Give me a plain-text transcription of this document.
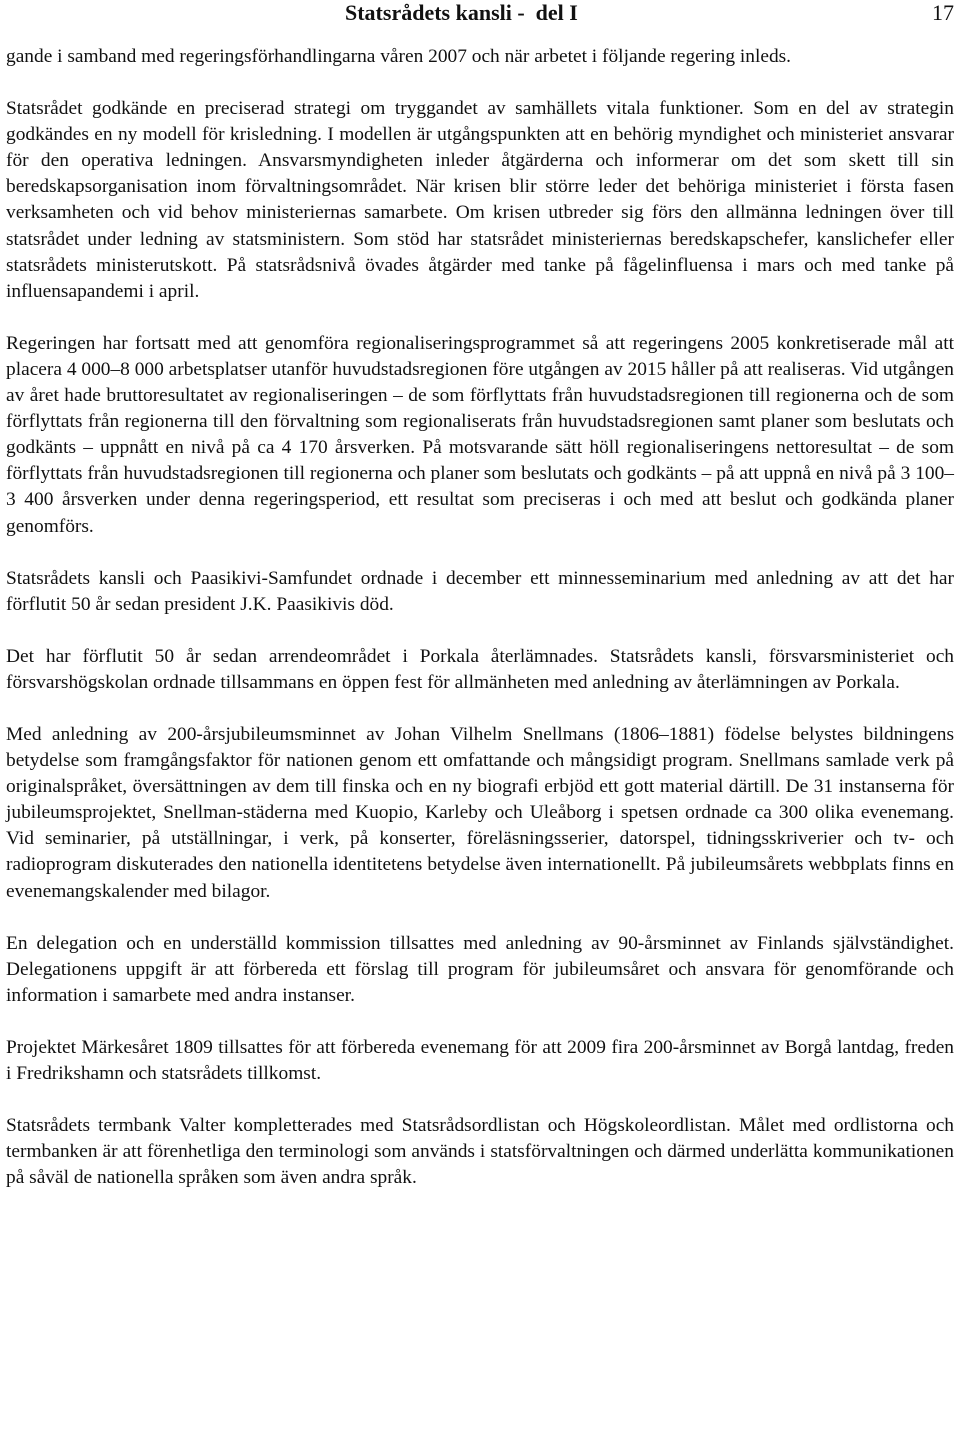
Statsrådets kansli -  del I	17

gande i samband med regeringsförhandlingarna våren 2007 och när arbetet i följande regering inleds.

Statsrådet godkände en preciserad strategi om tryggandet av samhällets vitala funktioner. Som en del av strategin godkändes en ny modell för krisledning. I modellen är utgångspunkten att en behörig myndighet och ministeriet ansvarar för den operativa ledningen. Ansvarsmyndigheten inleder åtgärderna och informerar om det som skett till sin beredskapsorganisation inom förvaltningsområdet. När krisen blir större leder det behöriga ministeriet i första fasen verksamheten och vid behov ministeriernas samarbete. Om krisen utbreder sig förs den allmänna ledningen över till statsrådet under ledning av statsministern. Som stöd har statsrådet ministeriernas beredskapschefer, kanslichefer eller statsrådets ministerutskott. På statsrådsnivå övades åtgärder med tanke på fågelinfluensa i mars och med tanke på influensapandemi i april.

Regeringen har fortsatt med att genomföra regionaliseringsprogrammet så att regeringens 2005 konkretiserade mål att placera 4 000–8 000 arbetsplatser utanför huvudstadsregionen före utgången av 2015 håller på att realiseras. Vid utgången av året hade bruttoresultatet av regionaliseringen – de som förflyttats från huvudstadsregionen till regionerna och de som förflyttats från regionerna till den förvaltning som regionaliserats från huvudstadsregionen samt planer som beslutats och godkänts – uppnått en nivå på ca 4 170 årsverken. På motsvarande sätt höll regionaliseringens nettoresultat – de som förflyttats från huvudstadsregionen till regionerna och planer som beslutats och godkänts – på att uppnå en nivå på 3 100–3 400 årsverken under denna regeringsperiod, ett resultat som preciseras i och med att beslut och godkända planer genomförs.

Statsrådets kansli och Paasikivi-Samfundet ordnade i december ett minnesseminarium med anledning av att det har förflutit 50 år sedan president J.K. Paasikivis död.

Det har förflutit 50 år sedan arrendeområdet i Porkala återlämnades. Statsrådets kansli, försvarsministeriet och försvarshögskolan ordnade tillsammans en öppen fest för allmänheten med anledning av återlämningen av Porkala.

Med anledning av 200-årsjubileumsminnet av Johan Vilhelm Snellmans (1806–1881) födelse belystes bildningens betydelse som framgångsfaktor för nationen genom ett omfattande och mångsidigt program. Snellmans samlade verk på originalspråket, översättningen av dem till finska och en ny biografi erbjöd ett gott material därtill. De 31 instanserna för jubileumsprojektet, Snellman-städerna med Kuopio, Karleby och Uleåborg i spetsen ordnade ca 300 olika evenemang. Vid seminarier, på utställningar, i verk, på konserter, föreläsningsserier, datorspel, tidningsskriverier och tv- och radioprogram diskuterades den nationella identitetens betydelse även internationellt. På jubileumsårets webbplats finns en evenemangskalender med bilagor.

En delegation och en underställd kommission tillsattes med anledning av 90-årsminnet av Finlands självständighet. Delegationens uppgift är att förbereda ett förslag till program för jubileumsåret och ansvara för genomförande och information i samarbete med andra instanser.

Projektet Märkesåret 1809 tillsattes för att förbereda evenemang för att 2009 fira 200-årsminnet av Borgå lantdag, freden i Fredrikshamn och statsrådets tillkomst.

Statsrådets termbank Valter kompletterades med Statsrådsordlistan och Högskoleordlistan. Målet med ordlistorna och termbanken är att förenhetliga den terminologi som används i statsförvaltningen och därmed underlätta kommunikationen på såväl de nationella språken som även andra språk.
